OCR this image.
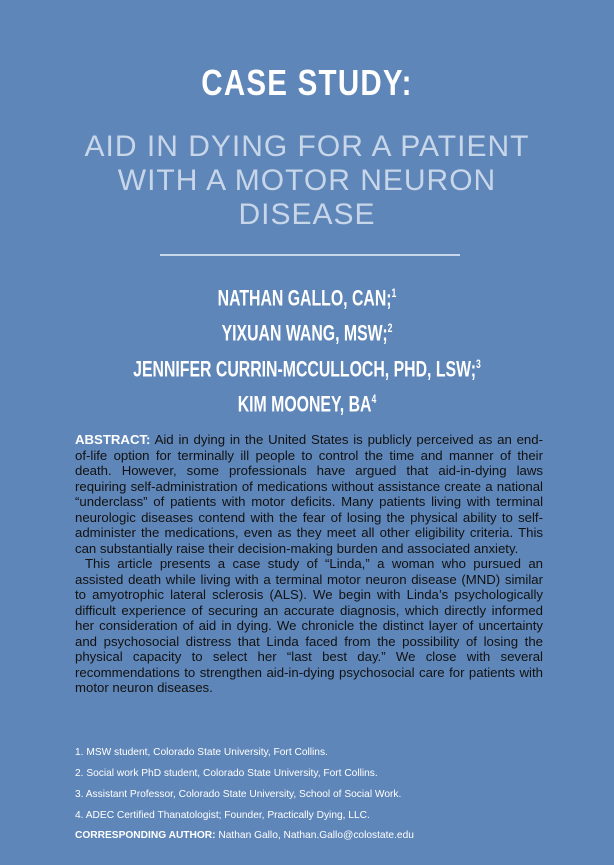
CASE STUDY:
AID IN DYING FOR A PATIENT WITH A MOTOR NEURON DISEASE
NATHAN GALLO, CAN;$^1$
YIXUAN WANG, MSW;$^2$
JENNIFER CURRIN-MCCULLOCH, PHD, LSW;$^3$
KIM MOONEY, $BA^4$

ABSTRACT: Aid in dying in the United States is publicly perceived as an end-of-life option for terminally ill people to control the time and manner of their death. However, some professionals have argued that aid-in-dying laws requiring self-administration of medications without assistance create a national “underclass” of patients with motor deficits. Many patients living with terminal neurologic diseases contend with the fear of losing the physical ability to self-administer the medications, even as they meet all other eligibility criteria. This can substantially raise their decision-making burden and associated anxiety.

This article presents a case study of “Linda,” a woman who pursued an assisted death while living with a terminal motor neuron disease (MND) similar to amyotrophic lateral sclerosis (ALS). We begin with Linda’s psychologically difficult experience of securing an accurate diagnosis, which directly informed her consideration of aid in dying. We chronicle the distinct layer of uncertainty and psychosocial distress that Linda faced from the possibility of losing the physical capacity to select her “last best day.” We close with several recommendations to strengthen aid-in-dying psychosocial care for patients with motor neuron diseases.

1. MSW student, Colorado State University, Fort Collins.

2. Social work PhD student, Colorado State University, Fort Collins.

3. Assistant Professor, Colorado State University, School of Social Work.

4. ADEC Certified Thanatologist; Founder, Practically Dying, LLC.

CORRESPONDING AUTHOR: Nathan Gallo, Nathan.Gallo@colostate.edu
